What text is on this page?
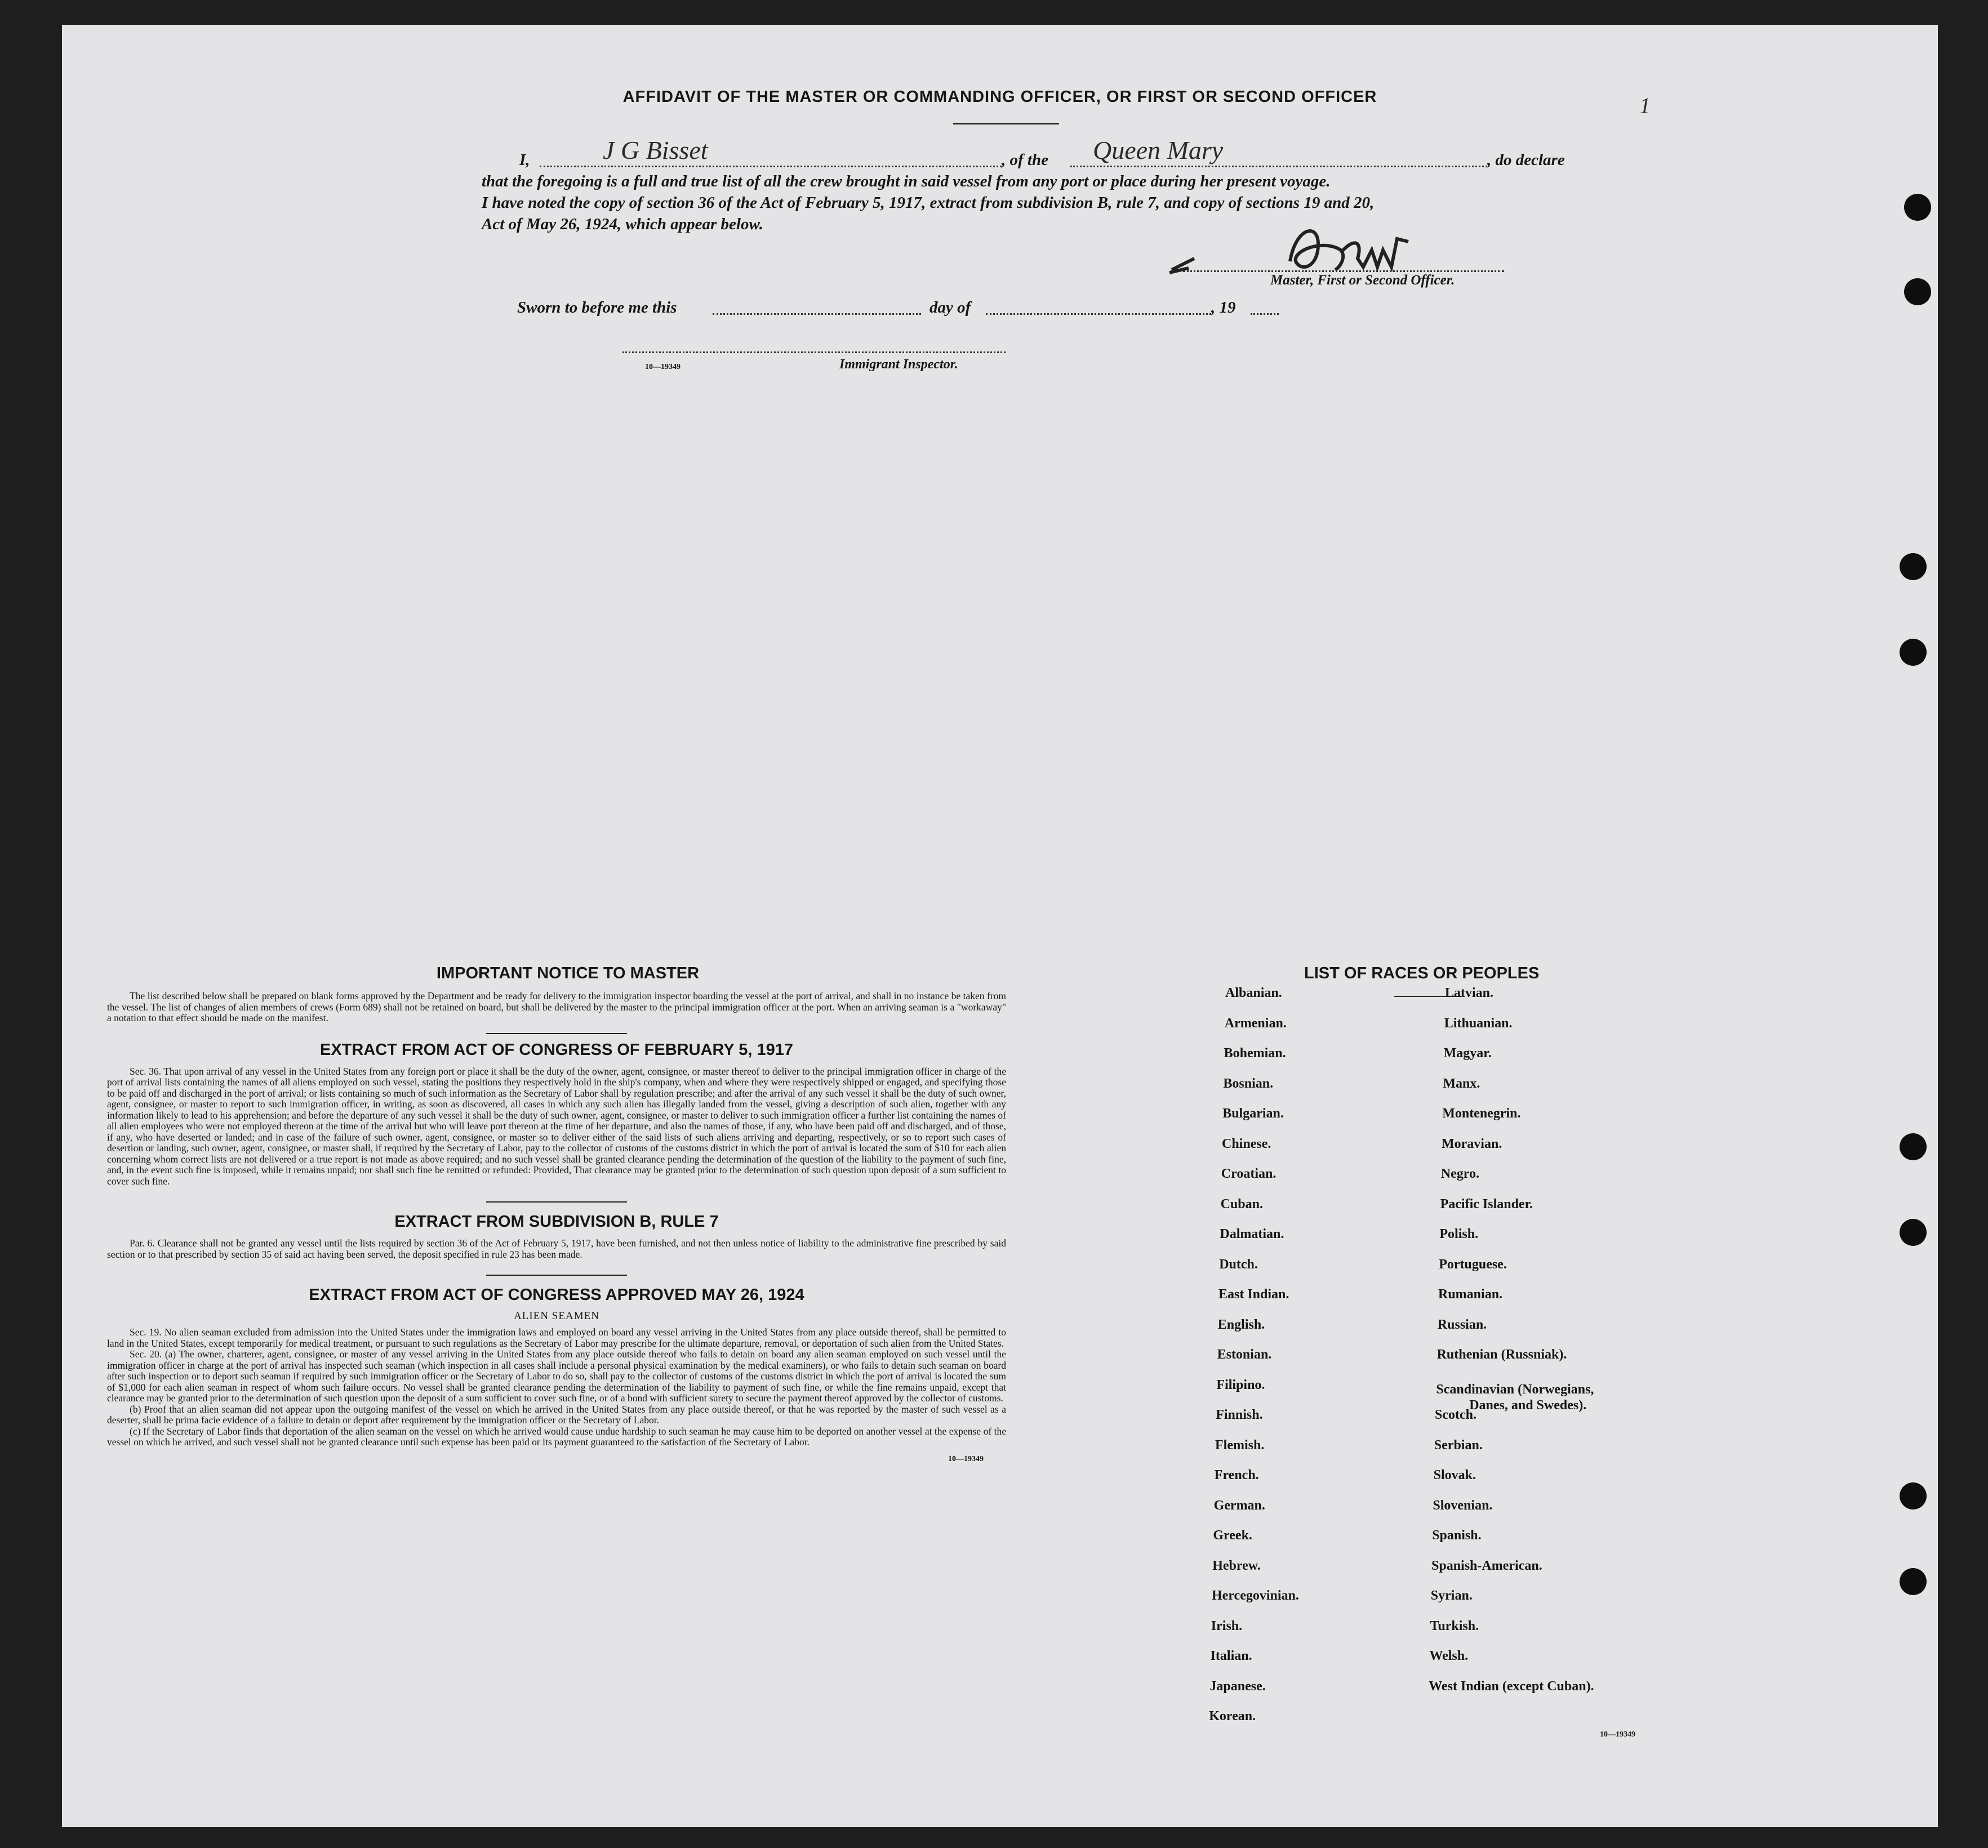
AFFIDAVIT OF THE MASTER OR COMMANDING OFFICER, OR FIRST OR SECOND OFFICER	1
I,	J G Bisset	, of the Queen Mary	, do declare
that the foregoing is a full and true list of all the crew brought in said vessel from any port or place during her present voyage.
I have noted the copy of section 36 of the Act of February 5, 1917, extract from subdivision B, rule 7, and copy of sections 19 and 20,
Act of May 26, 1924, which appear below.
Master, First or Second Officer.
Sworn to before me this	day of	, 19
10—19349	Immigrant Inspector.
IMPORTANT NOTICE TO MASTER
The list described below shall be prepared on blank forms approved by the Department and be ready for delivery to the immigration inspector boarding the vessel at the port of arrival, and shall in no instance be taken from the vessel. The list of changes of alien members of crews (Form 689) shall not be retained on board, but shall be delivered by the master to the principal immigration officer at the port. When an arriving seaman is a "workaway" a notation to that effect should be made on the manifest.
EXTRACT FROM ACT OF CONGRESS OF FEBRUARY 5, 1917
Sec. 36. That upon arrival of any vessel in the United States from any foreign port or place it shall be the duty of the owner, agent, consignee, or master thereof to deliver to the principal immigration officer in charge of the port of arrival lists containing the names of all aliens employed on such vessel, stating the positions they respectively hold in the ship's company, when and where they were respectively shipped or engaged, and specifying those to be paid off and discharged in the port of arrival; or lists containing so much of such information as the Secretary of Labor shall by regulation prescribe; and after the arrival of any such vessel it shall be the duty of such owner, agent, consignee, or master to report to such immigration officer, in writing, as soon as discovered, all cases in which any such alien has illegally landed from the vessel, giving a description of such alien, together with any information likely to lead to his apprehension; and before the departure of any such vessel it shall be the duty of such owner, agent, consignee, or master to deliver to such immigration officer a further list containing the names of all alien employees who were not employed thereon at the time of the arrival but who will leave port thereon at the time of her departure, and also the names of those, if any, who have been paid off and discharged, and of those, if any, who have deserted or landed; and in case of the failure of such owner, agent, consignee, or master so to deliver either of the said lists of such aliens arriving and departing, respectively, or so to report such cases of desertion or landing, such owner, agent, consignee, or master shall, if required by the Secretary of Labor, pay to the collector of customs of the customs district in which the port of arrival is located the sum of $10 for each alien concerning whom correct lists are not delivered or a true report is not made as above required; and no such vessel shall be granted clearance pending the determination of the question of the liability to the payment of such fine, and, in the event such fine is imposed, while it remains unpaid; nor shall such fine be remitted or refunded: Provided, That clearance may be granted prior to the determination of such question upon deposit of a sum sufficient to cover such fine.
EXTRACT FROM SUBDIVISION B, RULE 7
Par. 6. Clearance shall not be granted any vessel until the lists required by section 36 of the Act of February 5, 1917, have been furnished, and not then unless notice of liability to the administrative fine prescribed by said section or to that prescribed by section 35 of said act having been served, the deposit specified in rule 23 has been made.
EXTRACT FROM ACT OF CONGRESS APPROVED MAY 26, 1924
ALIEN SEAMEN
Sec. 19. No alien seaman excluded from admission into the United States under the immigration laws and employed on board any vessel arriving in the United States from any place outside thereof, shall be permitted to land in the United States, except temporarily for medical treatment, or pursuant to such regulations as the Secretary of Labor may prescribe for the ultimate departure, removal, or deportation of such alien from the United States.
Sec. 20. (a) The owner, charterer, agent, consignee, or master of any vessel arriving in the United States from any place outside thereof who fails to detain on board any alien seaman employed on such vessel until the immigration officer in charge at the port of arrival has inspected such seaman (which inspection in all cases shall include a personal physical examination by the medical examiners), or who fails to detain such seaman on board after such inspection or to deport such seaman if required by such immigration officer or the Secretary of Labor to do so, shall pay to the collector of customs of the customs district in which the port of arrival is located the sum of $1,000 for each alien seaman in respect of whom such failure occurs. No vessel shall be granted clearance pending the determination of the liability to payment of such fine, or while the fine remains unpaid, except that clearance may be granted prior to the determination of such question upon the deposit of a sum sufficient to cover such fine, or of a bond with sufficient surety to secure the payment thereof approved by the collector of customs.
(b) Proof that an alien seaman did not appear upon the outgoing manifest of the vessel on which he arrived in the United States from any place outside thereof, or that he was reported by the master of such vessel as a deserter, shall be prima facie evidence of a failure to detain or deport after requirement by the immigration officer or the Secretary of Labor.
(c) If the Secretary of Labor finds that deportation of the alien seaman on the vessel on which he arrived would cause undue hardship to such seaman he may cause him to be deported on another vessel at the expense of the vessel on which he arrived, and such vessel shall not be granted clearance until such expense has been paid or its payment guaranteed to the satisfaction of the Secretary of Labor.
10—19349
LIST OF RACES OR PEOPLES
10—19349
Albanian.
Armenian.
Bohemian.
Bosnian.
Bulgarian.
Chinese.
Croatian.
Cuban.
Dalmatian.
Dutch.
East Indian.
English.
Estonian.
Filipino.
Finnish.
Flemish.
French.
German.
Greek.
Hebrew.
Hercegovinian.
Irish.
Italian.
Japanese.
Korean.
Latvian.
Lithuanian.
Magyar.
Manx.
Montenegrin.
Moravian.
Negro.
Pacific Islander.
Polish.
Portuguese.
Rumanian.
Russian.
Ruthenian (Russniak).
Scandinavian (Norwegians,
Danes, and Swedes).
Scotch.
Serbian.
Slovak.
Slovenian.
Spanish.
Spanish-American.
Syrian.
Turkish.
Welsh.
West Indian (except Cuban).
